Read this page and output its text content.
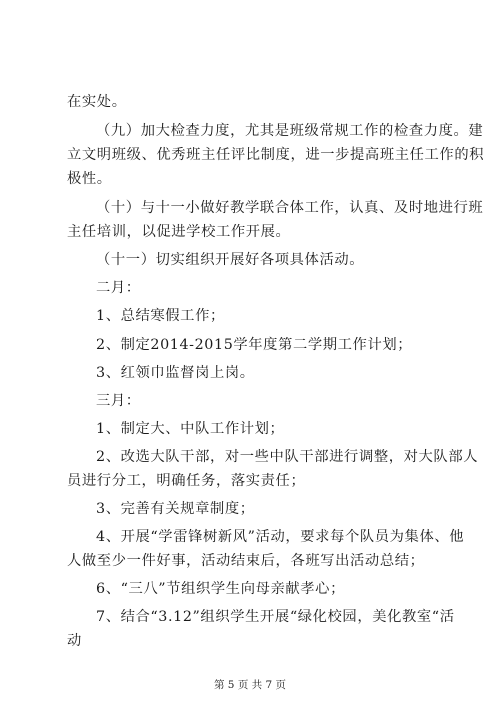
在实处。
（九）加大检查力度，尤其是班级常规工作的检查力度。建
立文明班级、优秀班主任评比制度，进一步提高班主任工作的积
极性。
（十）与十一小做好教学联合体工作，认真、及时地进行班
主任培训，以促进学校工作开展。
（十一）切实组织开展好各项具体活动。
二月：
1、总结寒假工作；
2、制定2014-2015学年度第二学期工作计划；
3、红领巾监督岗上岗。
三月：
1、制定大、中队工作计划；
2、改选大队干部，对一些中队干部进行调整，对大队部人
员进行分工，明确任务，落实责任；
3、完善有关规章制度；
4、开展“学雷锋树新风”活动，要求每个队员为集体、他
人做至少一件好事，活动结束后，各班写出活动总结；
6、“三八”节组织学生向母亲献孝心；
7、结合“3.12”组织学生开展“绿化校园，美化教室“活
动
第 5 页 共 7 页
